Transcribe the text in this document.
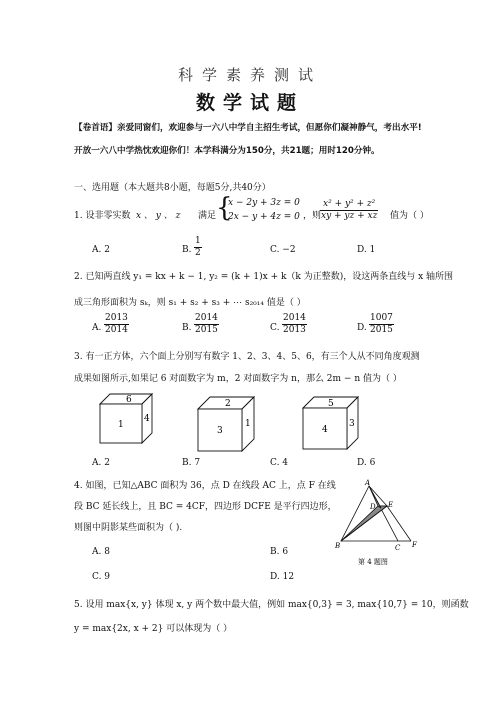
科学素养测试
数学试题
【卷首语】亲爱同窗们，欢迎参与一六八中学自主招生考试，但愿你们凝神静气，考出水平!
开放一六八中学热忱欢迎你们！本学科满分为150分，共21题；用时120分钟。
一、选用题（本大题共8小题，每题5分,共40分）
1. 设非零实数 x 、 y 、 z 满足 {
x − 2y + 3z = 0
2x − y + 4z = 0 ，则
$\frac{\text{x² + y² + z²}}{xy + yz + xz}$ 值为（ ）
A. 2	B. $\frac{1}{2}$	C. −2	D. 1
2. 已知两直线 y₁ = kx + k − 1, y₂ = (k + 1)x + k（k 为正整数)，设这两条直线与 x 轴所围
成三角形面积为 sₖ，则 s₁ + s₂ + s₃ + ⋯ s₂₀₁₄ 值是（ ）
A. $\frac{2013}{2014}$	B. $\frac{2014}{2015}$	C. $\frac{2014}{2013}$	D. $\frac{1007}{2015}$
3. 有一正方体，六个面上分别写有数字 1、2、3、4、5、6，有三个人从不同角度观测
成果如图所示,如果记 6 对面数字为 m，2 对面数字为 n，那么 2m − n 值为（ ）
6
1
4
2
3
1
5
4
3
A. 2	B. 7	C. 4	D. 6
4. 如图，已知△ABC 面积为 36，点 D 在线段 AC 上，点 F 在线
段 BC 延长线上，且 BC = 4CF，四边形 DCFE 是平行四边形，
则图中阴影某些面积为（ ).
A
B	C
D E
F
第 4 题图
A. 8	B. 6
C. 9	D. 12
5. 设用 max{x, y} 体现 x, y 两个数中最大值，例如 max{0,3} = 3, max{10,7} = 10，则函数
y = max{2x, x + 2} 可以体现为（ ）
